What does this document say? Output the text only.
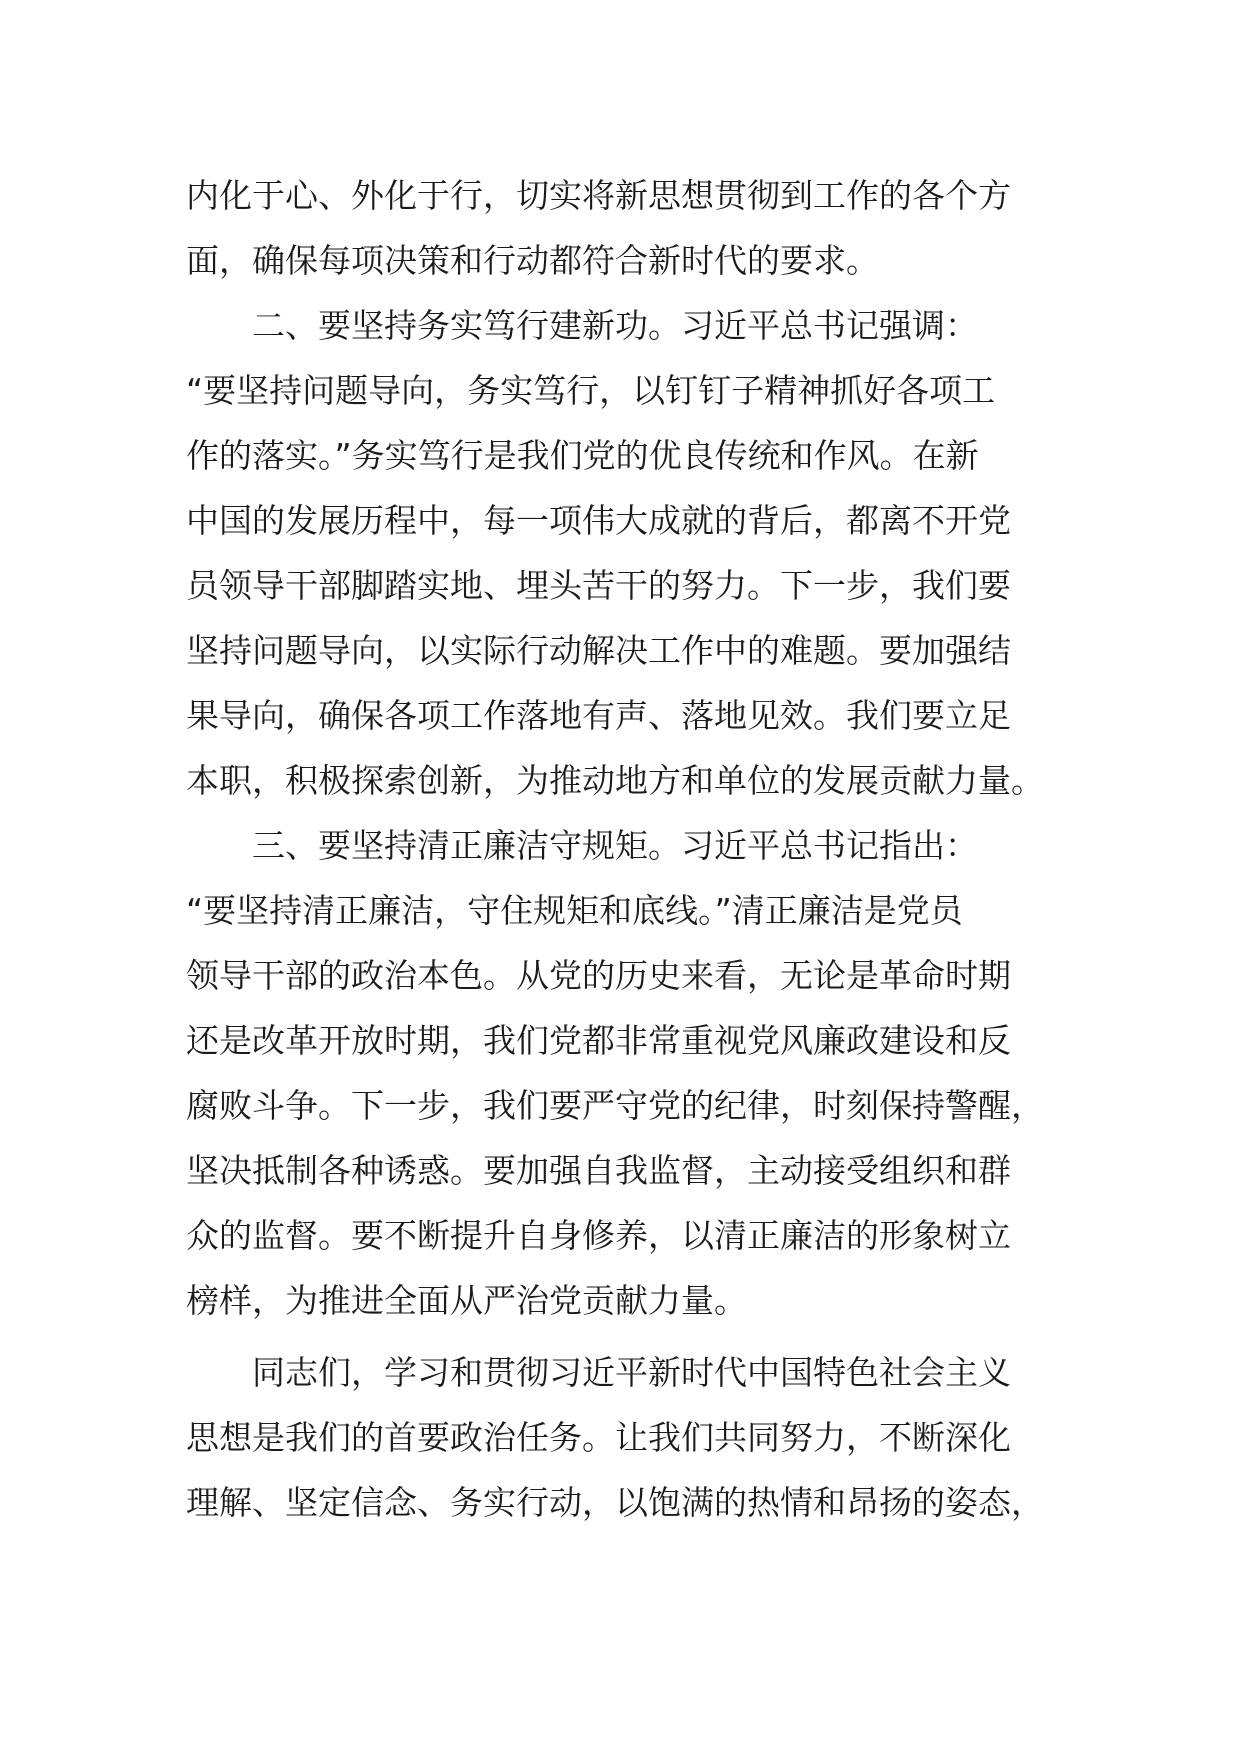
内化于心、外化于行，切实将新思想贯彻到工作的各个方
面，确保每项决策和行动都符合新时代的要求。
二、要坚持务实笃行建新功。习近平总书记强调：
“要坚持问题导向，务实笃行，以钉钉子精神抓好各项工
作的落实。”务实笃行是我们党的优良传统和作风。在新
中国的发展历程中，每一项伟大成就的背后，都离不开党
员领导干部脚踏实地、埋头苦干的努力。下一步，我们要
坚持问题导向，以实际行动解决工作中的难题。要加强结
果导向，确保各项工作落地有声、落地见效。我们要立足
本职，积极探索创新，为推动地方和单位的发展贡献力量。
三、要坚持清正廉洁守规矩。习近平总书记指出：
“要坚持清正廉洁，守住规矩和底线。”清正廉洁是党员
领导干部的政治本色。从党的历史来看，无论是革命时期
还是改革开放时期，我们党都非常重视党风廉政建设和反
腐败斗争。下一步，我们要严守党的纪律，时刻保持警醒，
坚决抵制各种诱惑。要加强自我监督，主动接受组织和群
众的监督。要不断提升自身修养，以清正廉洁的形象树立
榜样，为推进全面从严治党贡献力量。
同志们，学习和贯彻习近平新时代中国特色社会主义
思想是我们的首要政治任务。让我们共同努力，不断深化
理解、坚定信念、务实行动，以饱满的热情和昂扬的姿态，
